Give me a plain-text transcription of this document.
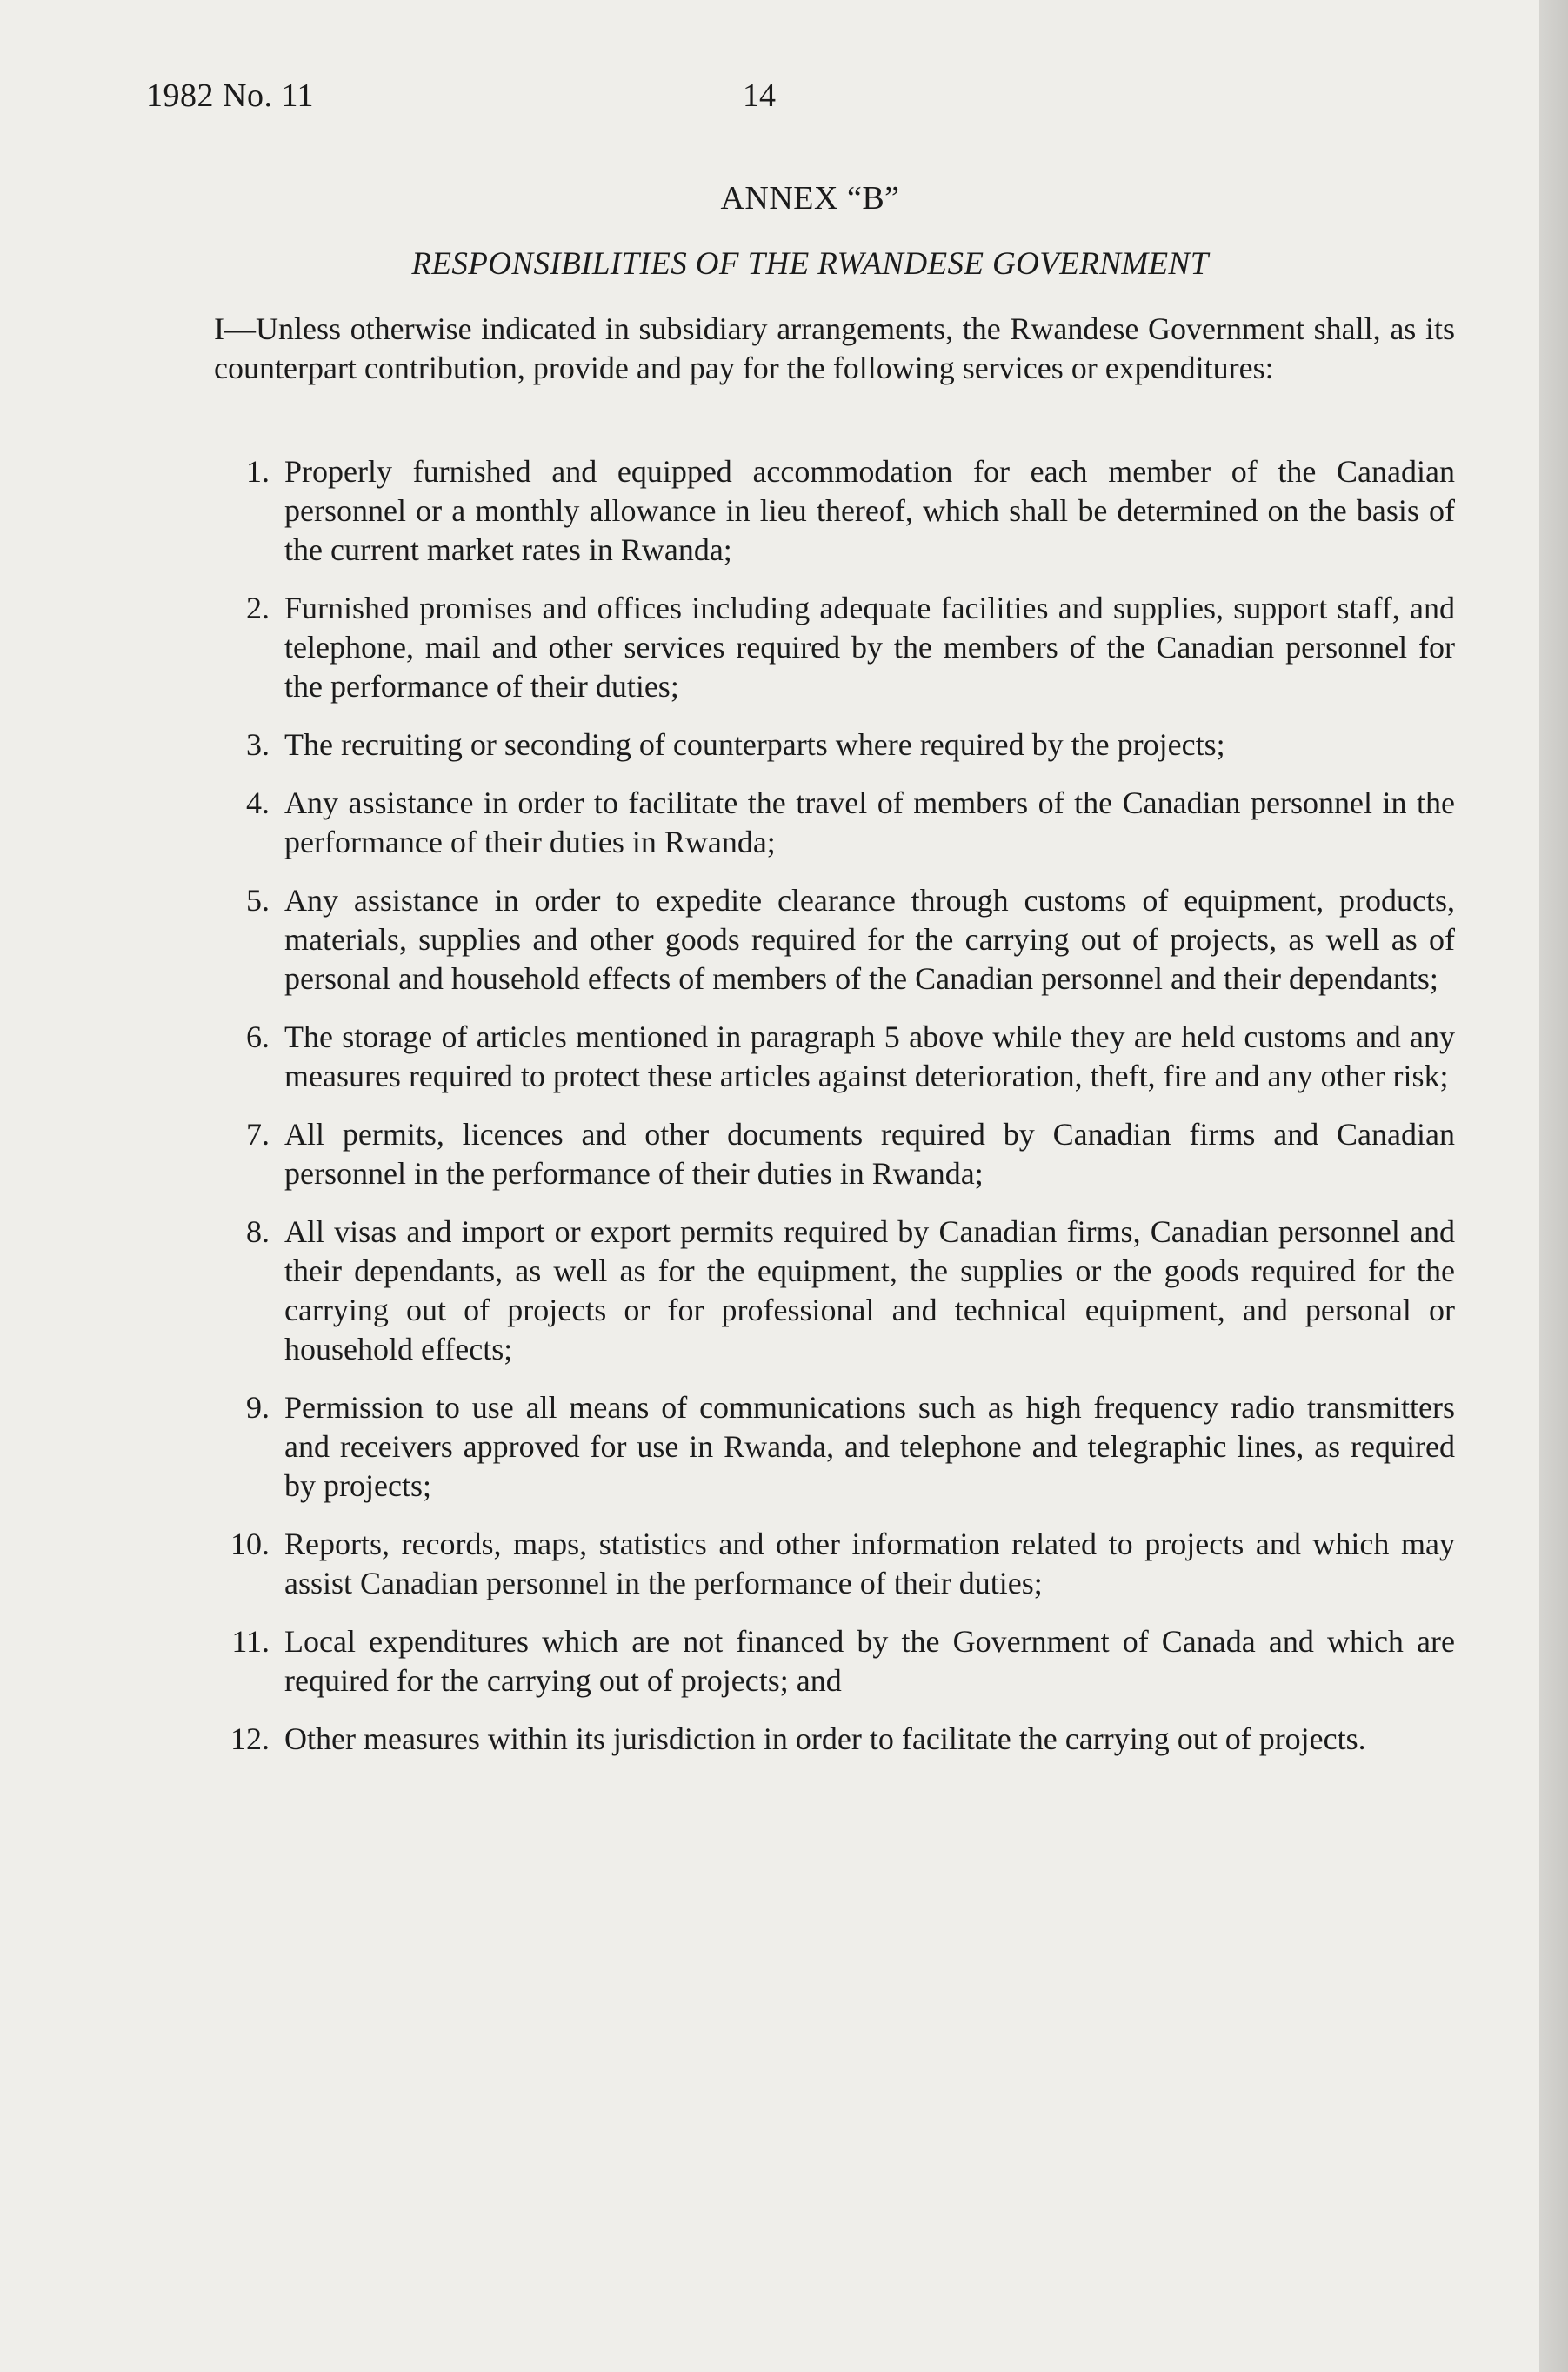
1982 No. 11	14
ANNEX “B”
RESPONSIBILITIES OF THE RWANDESE GOVERNMENT
I—Unless otherwise indicated in subsidiary arrangements, the Rwandese Government shall, as its counterpart contribution, provide and pay for the following services or expenditures:
1. Properly furnished and equipped accommodation for each member of the Canadian personnel or a monthly allowance in lieu thereof, which shall be determined on the basis of the current market rates in Rwanda;
2. Furnished promises and offices including adequate facilities and supplies, support staff, and telephone, mail and other services required by the members of the Canadian personnel for the performance of their duties;
3. The recruiting or seconding of counterparts where required by the projects;
4. Any assistance in order to facilitate the travel of members of the Canadian personnel in the performance of their duties in Rwanda;
5. Any assistance in order to expedite clearance through customs of equipment, products, materials, supplies and other goods required for the carrying out of projects, as well as of personal and household effects of members of the Canadian personnel and their dependants;
6. The storage of articles mentioned in paragraph 5 above while they are held customs and any measures required to protect these articles against deterioration, theft, fire and any other risk;
7. All permits, licences and other documents required by Canadian firms and Canadian personnel in the performance of their duties in Rwanda;
8. All visas and import or export permits required by Canadian firms, Canadian personnel and their dependants, as well as for the equipment, the supplies or the goods required for the carrying out of projects or for professional and technical equipment, and personal or household effects;
9. Permission to use all means of communications such as high frequency radio transmitters and receivers approved for use in Rwanda, and telephone and telegraphic lines, as required by projects;
10. Reports, records, maps, statistics and other information related to projects and which may assist Canadian personnel in the performance of their duties;
11. Local expenditures which are not financed by the Government of Canada and which are required for the carrying out of projects; and
12. Other measures within its jurisdiction in order to facilitate the carrying out of projects.
